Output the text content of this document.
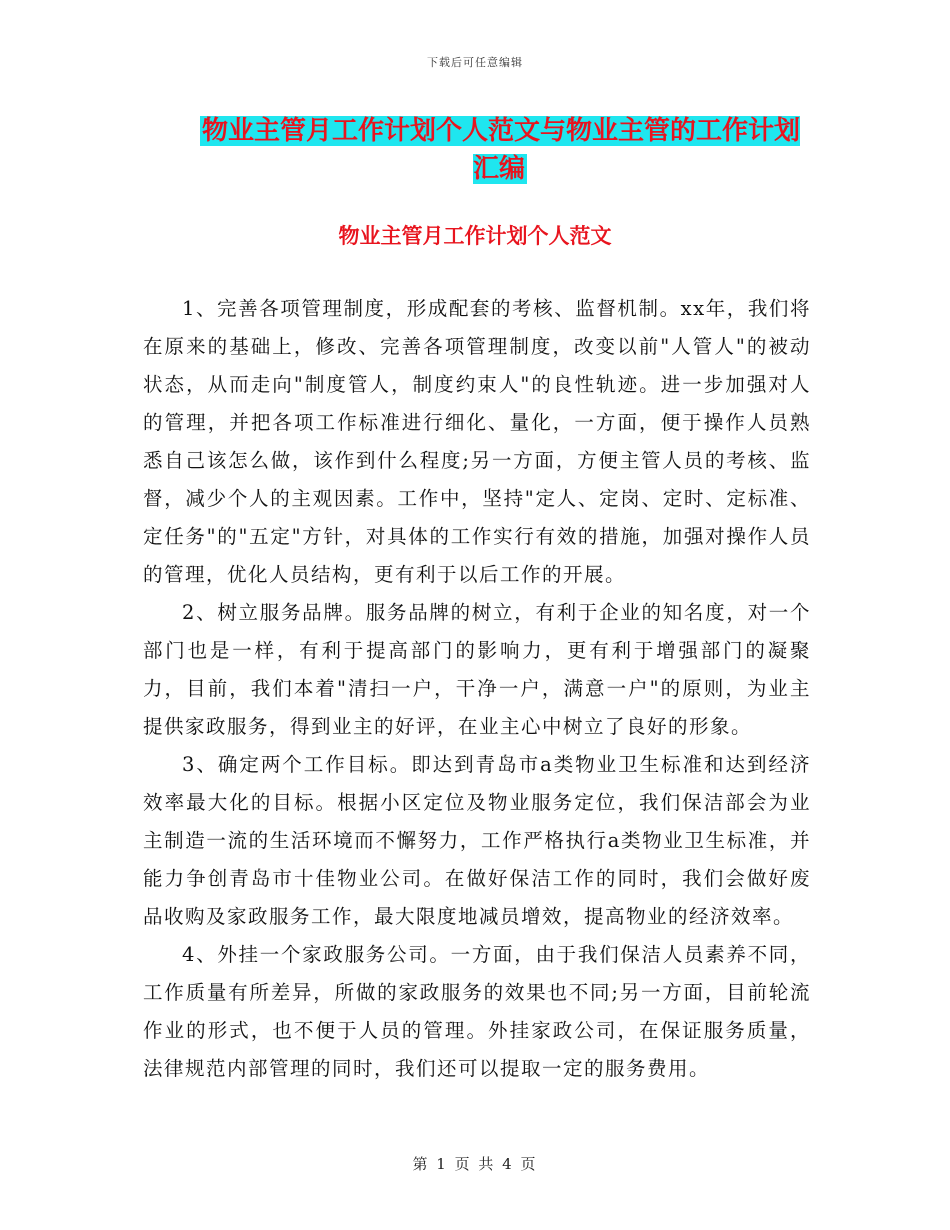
下载后可任意编辑
物业主管月工作计划个人范文与物业主管的工作计划汇编
物业主管月工作计划个人范文

1、完善各项管理制度，形成配套的考核、监督机制。xx年，我们将在原来的基础上，修改、完善各项管理制度，改变以前"人管人"的被动状态，从而走向"制度管人，制度约束人"的良性轨迹。进一步加强对人的管理，并把各项工作标准进行细化、量化，一方面，便于操作人员熟悉自己该怎么做，该作到什么程度;另一方面，方便主管人员的考核、监督，减少个人的主观因素。工作中，坚持"定人、定岗、定时、定标准、定任务"的"五定"方针，对具体的工作实行有效的措施，加强对操作人员的管理，优化人员结构，更有利于以后工作的开展。

2、树立服务品牌。服务品牌的树立，有利于企业的知名度，对一个部门也是一样，有利于提高部门的影响力，更有利于增强部门的凝聚力，目前，我们本着"清扫一户，干净一户，满意一户"的原则，为业主提供家政服务，得到业主的好评，在业主心中树立了良好的形象。

3、确定两个工作目标。即达到青岛市a类物业卫生标准和达到经济效率最大化的目标。根据小区定位及物业服务定位，我们保洁部会为业主制造一流的生活环境而不懈努力，工作严格执行a类物业卫生标准，并能力争创青岛市十佳物业公司。在做好保洁工作的同时，我们会做好废品收购及家政服务工作，最大限度地减员增效，提高物业的经济效率。

4、外挂一个家政服务公司。一方面，由于我们保洁人员素养不同，工作质量有所差异，所做的家政服务的效果也不同;另一方面，目前轮流作业的形式，也不便于人员的管理。外挂家政公司，在保证服务质量，法律规范内部管理的同时，我们还可以提取一定的服务费用。

第 1 页 共 4 页
